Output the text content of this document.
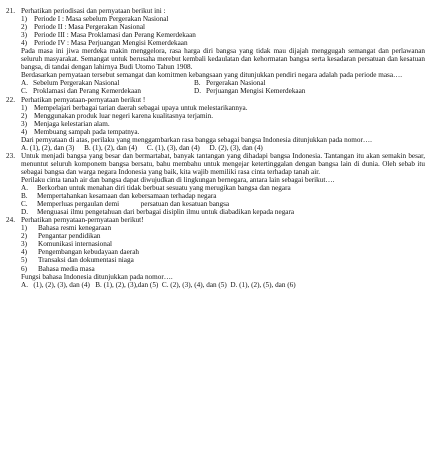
21. Perhatikan periodisasi dan pernyataan berikut ini :
1) Periode I : Masa sebelum Pergerakan Nasional
2) Periode II : Masa Pergerakan Nasional
3) Periode III : Masa Proklamasi dan Perang Kemerdekaan
4) Periode IV : Masa Perjuangan Mengisi Kemerdekaan
Pada masa ini jiwa merdeka makin menggelora, rasa harga diri bangsa yang tidak mau dijajah menggugah semangat dan perlawanan seluruh masyarakat. Semangat untuk berusaha merebut kembali kedaulatan dan kehormatan bangsa serta kesadaran persatuan dan kesatuan bangsa, di tandai dengan lahirnya Budi Utomo Tahun 1908.
Berdasarkan pernyataan tersebut semangat dan komitmen kebangsaan yang ditunjukkan pendiri negara adalah pada periode masa….
A. Sebelum Pergerakan Nasional	B. Pergerakan Nasional
C. Proklamasi dan Perang Kemerdekaan	D. Perjuangan Mengisi Kemerdekaan
22. Perhatikan pernyataan-pernyataan berikut !
1) Mempelajari berbagai tarian daerah sebagai upaya untuk melestarikannya.
2) Menggunakan produk luar negeri karena kualitasnya terjamin.
3) Menjaga kelestarian alam.
4) Membuang sampah pada tempatnya.
Dari pernyataan di atas, perilaku yang menggambarkan rasa bangga sebagai bangsa Indonesia ditunjukkan pada nomor….
A. (1), (2), dan (3) B. (1), (2), dan (4) C. (1), (3), dan (4) D. (2), (3), dan (4)
23. Untuk menjadi bangsa yang besar dan bermartabat, banyak tantangan yang dihadapi bangsa Indonesia. Tantangan itu akan semakin besar, menuntut seluruh komponem bangsa bersatu, bahu membahu untuk mengejar ketertinggalan dengan bangsa lain di dunia. Oleh sebab itu sebagai bangsa dan warga negara Indonesia yang baik, kita wajib memiliki rasa cinta terhadap tanah air.
Perilaku cinta tanah air dan bangsa dapat diwujudkan di lingkungan bernegara, antara lain sebagai berikut….
A.	Berkorban untuk menahan diri tidak berbuat sesuatu yang merugikan bangsa dan negara
B.	Mempertahankan kesamaan dan kebersamaan terhadap negara
C.	Memperluas pergaulan demi            persatuan dan kesatuan bangsa
D.	Menguasai ilmu pengetahuan dari berbagai disiplin ilmu untuk diabadikan kepada negara
24. Perhatikan pernyataan-pernyataan berikut!
1)	Bahasa resmi kenegaraan
2)	Pengantar pendidikan
3)	Komunikasi internasional
4)	Pengembangan kebudayaan daerah
5)	Transaksi dan dokumentasi niaga
6)	Bahasa media masa
Fungsi bahasa Indonesia ditunjukkan pada nomor….
A.   (1), (2), (3), dan (4)   B. (1), (2), (3),dan (5)  C. (2), (3), (4), dan (5)  D. (1), (2), (5), dan (6)
